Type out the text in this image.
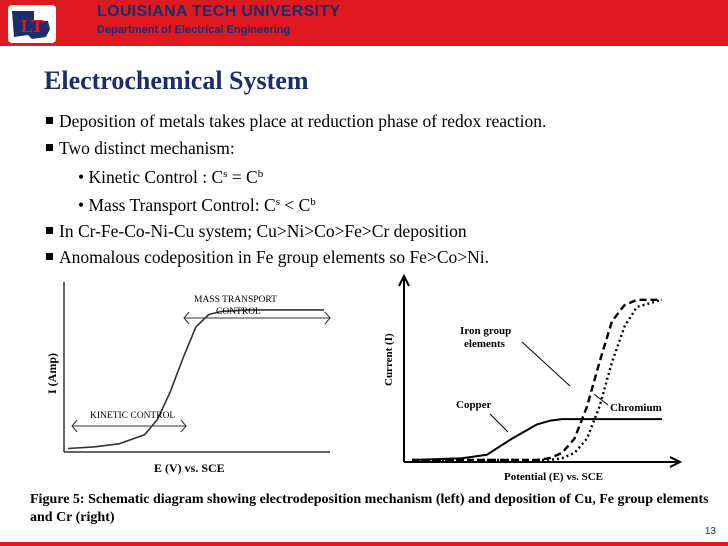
LT
LOUISIANA TECH UNIVERSITY
Department of Electrical Engineering
Electrochemical System
Deposition of metals takes place at reduction phase of redox reaction.
Two distinct mechanism:
• Kinetic Control : $C^s = C^b$
• Mass Transport Control: $C^s < C^b$
In Cr-Fe-Co-Ni-Cu system; Cu>Ni>Co>Fe>Cr deposition
Anomalous codeposition in Fe group elements so Fe>Co>Ni.
I (Amp)
E (V) vs. SCE
MASS TRANSPORT
CONTROL
KINETIC CONTROL
Current (I)
Potential (E) vs. SCE
Iron group
elements
Copper	Chromium
Figure 5: Schematic diagram showing electrodeposition mechanism (left) and deposition of Cu, Fe group elements and Cr (right)
13
